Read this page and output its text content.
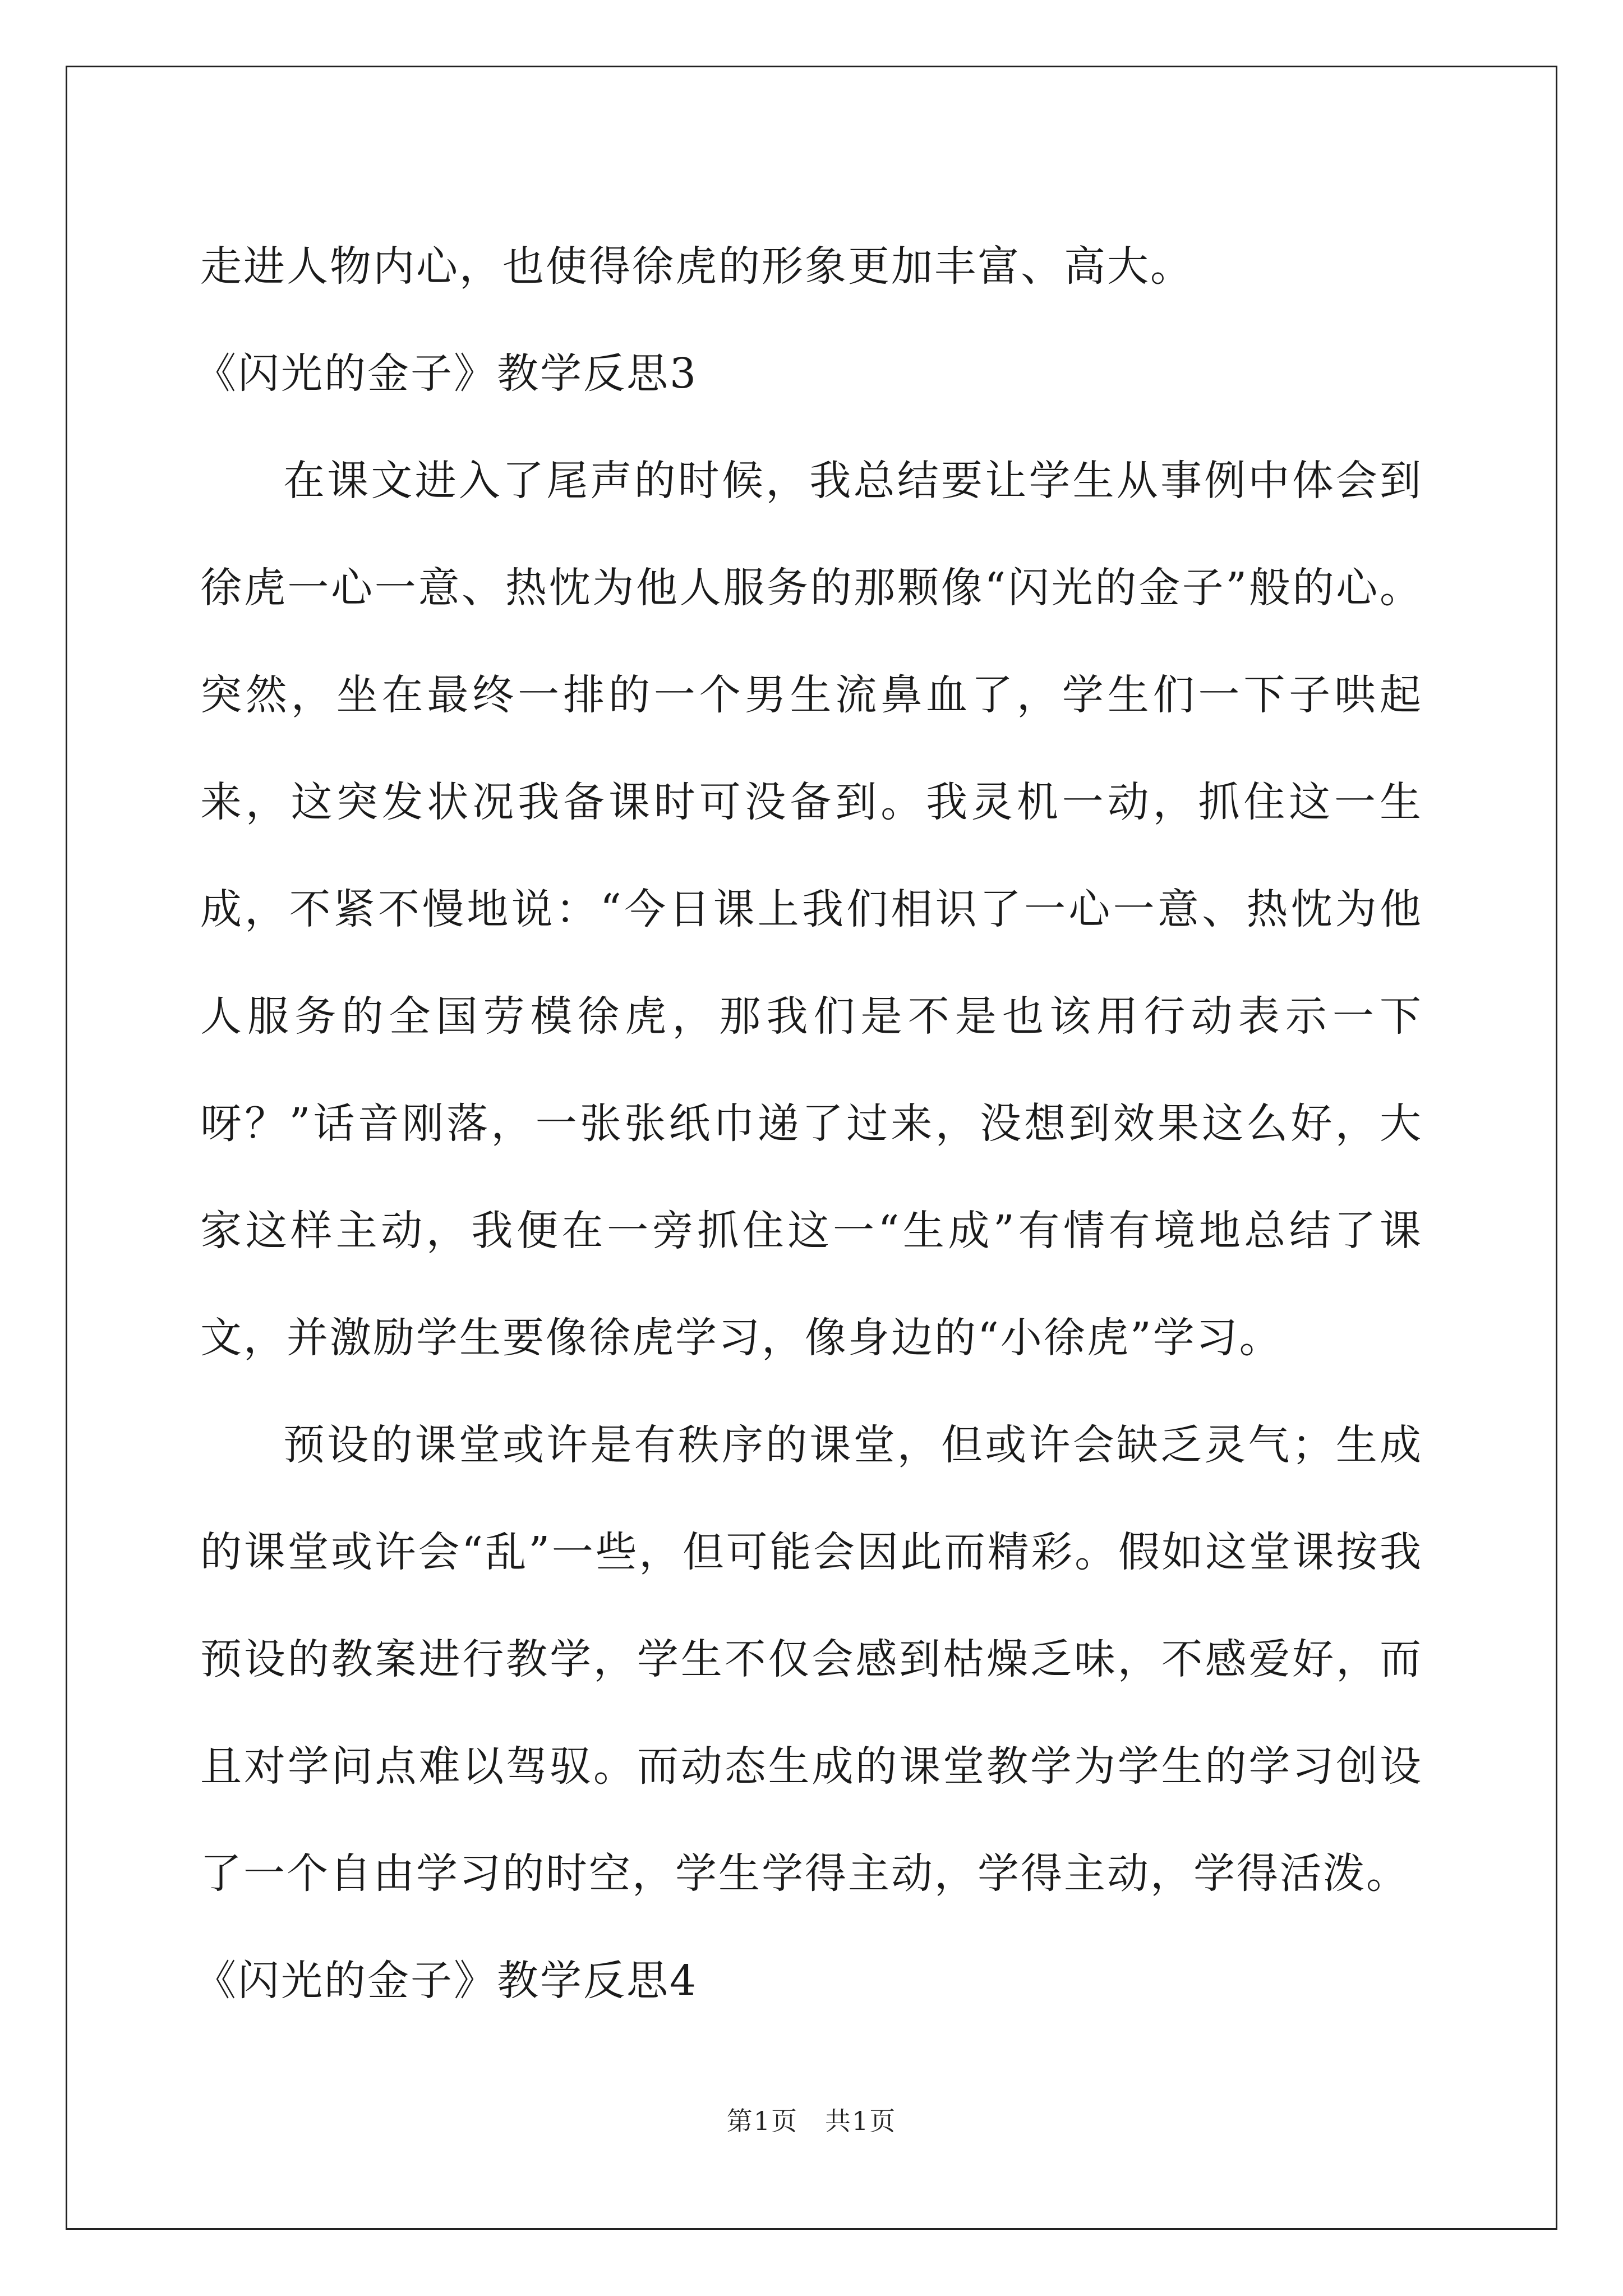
走进人物内心，也使得徐虎的形象更加丰富、高大。

《闪光的金子》教学反思3

在课文进入了尾声的时候，我总结要让学生从事例中体会到徐虎一心一意、热忱为他人服务的那颗像“闪光的金子”般的心。突然，坐在最终一排的一个男生流鼻血了，学生们一下子哄起来，这突发状况我备课时可没备到。我灵机一动，抓住这一生成，不紧不慢地说：“今日课上我们相识了一心一意、热忱为他人服务的全国劳模徐虎，那我们是不是也该用行动表示一下呀？”话音刚落，一张张纸巾递了过来，没想到效果这么好，大家这样主动，我便在一旁抓住这一“生成”有情有境地总结了课文，并激励学生要像徐虎学习，像身边的“小徐虎”学习。

预设的课堂或许是有秩序的课堂，但或许会缺乏灵气；生成的课堂或许会“乱”一些，但可能会因此而精彩。假如这堂课按我预设的教案进行教学，学生不仅会感到枯燥乏味，不感爱好，而且对学问点难以驾驭。而动态生成的课堂教学为学生的学习创设了一个自由学习的时空，学生学得主动，学得主动，学得活泼。

《闪光的金子》教学反思4

第1页　共1页
